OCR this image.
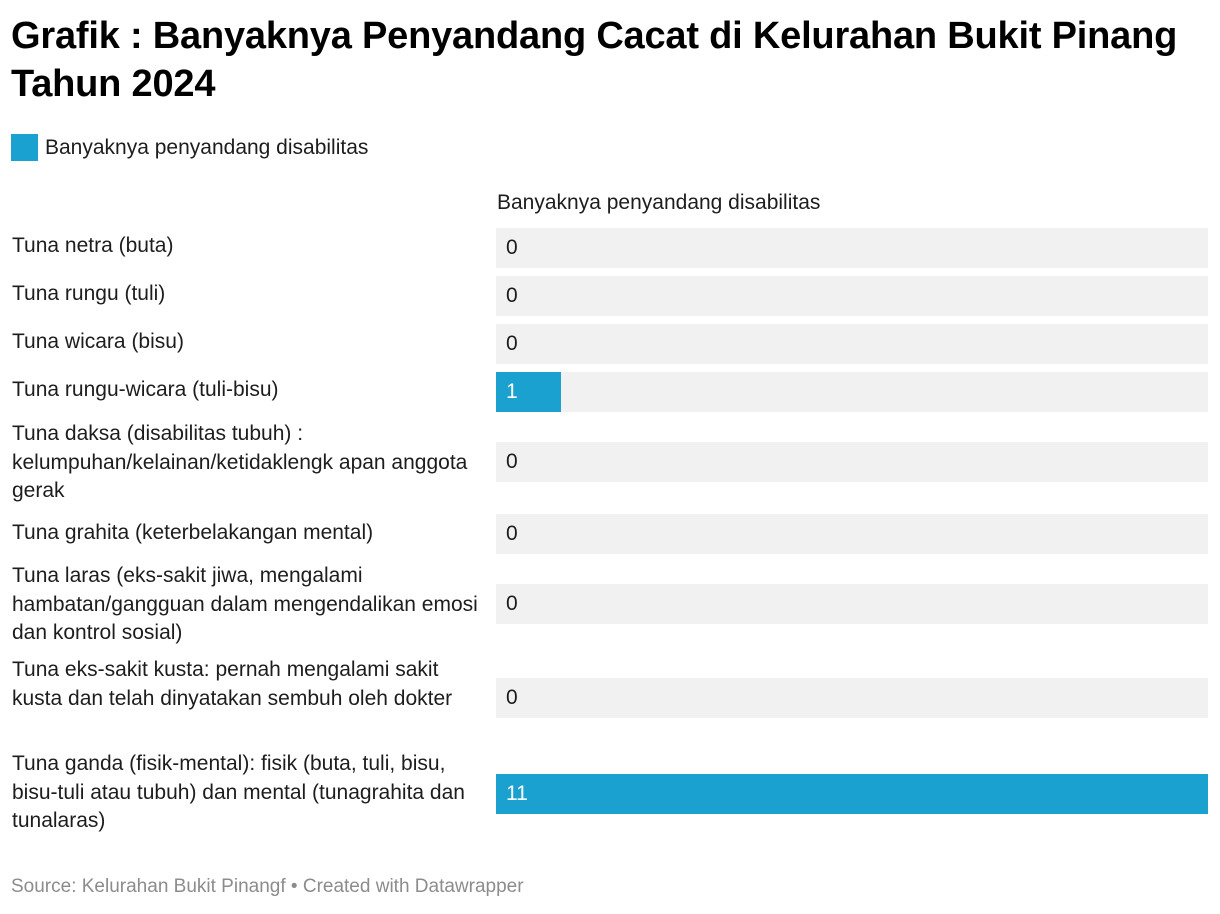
Grafik : Banyaknya Penyandang Cacat di Kelurahan Bukit Pinang Tahun 2024
Banyaknya penyandang disabilitas
Banyaknya penyandang disabilitas
Tuna netra (buta)	0
Tuna rungu (tuli)	0
Tuna wicara (bisu)	0
Tuna rungu-wicara (tuli-bisu)	1
Tuna daksa (disabilitas tubuh) : kelumpuhan/kelainan/ketidaklengk apan anggota gerak
0
Tuna grahita (keterbelakangan mental)	0
Tuna laras (eks-sakit jiwa, mengalami hambatan/gangguan dalam mengendalikan emosi dan kontrol sosial)
0
Tuna eks-sakit kusta: pernah mengalami sakit kusta dan telah dinyatakan sembuh oleh dokter	0
Tuna ganda (fisik-mental): fisik (buta, tuli, bisu, bisu-tuli atau tubuh) dan mental (tunagrahita dan tunalaras)
11
Source: Kelurahan Bukit Pinangf • Created with Datawrapper
